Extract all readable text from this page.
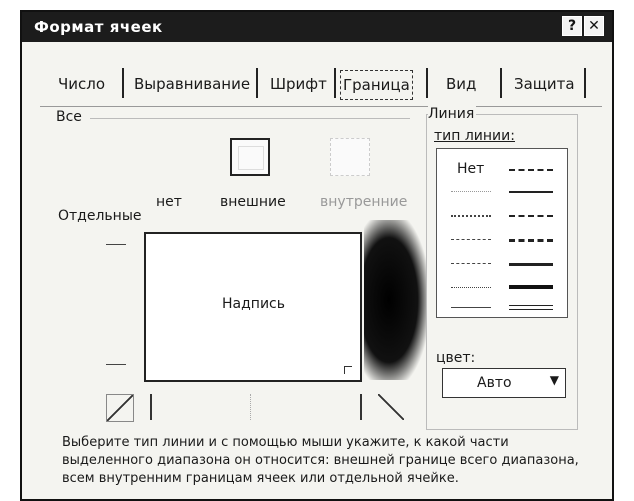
Формат ячеек	? ✕
Число Выравнивание Шрифт Граница Вид	Защита
Все
нет	внешние внутренние
Отдельные
Надпись
Линия
тип линии:
Нет
цвет:
Авто	▼
Выберите тип линии и с помощью мыши укажите, к какой части выделенного диапазона он относится: внешней границе всего диапазона, всем внутренним границам ячеек или отдельной ячейке.
